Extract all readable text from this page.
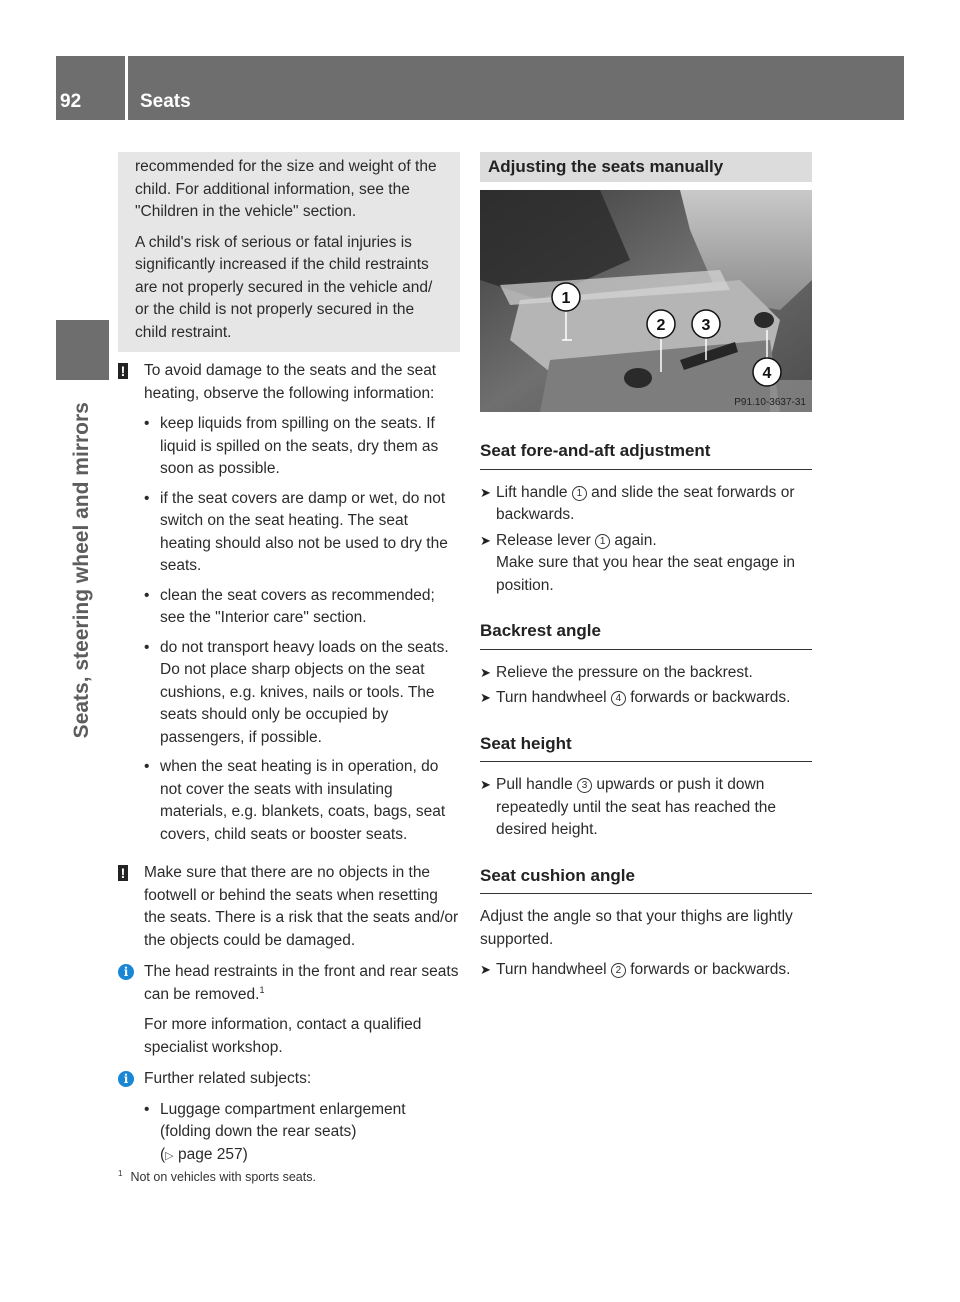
92	Seats
Seats, steering wheel and mirrors

recommended for the size and weight of the child. For additional information, see the "Children in the vehicle" section.

A child's risk of serious or fatal injuries is significantly increased if the child restraints are not properly secured in the vehicle and/ or the child is not properly secured in the child restraint.

!	To avoid damage to the seats and the seat heating, observe the following information:

• keep liquids from spilling on the seats. If liquid is spilled on the seats, dry them as soon as possible.
• if the seat covers are damp or wet, do not switch on the seat heating. The seat heating should also not be used to dry the seats.
• clean the seat covers as recommended; see the "Interior care" section.
• do not transport heavy loads on the seats. Do not place sharp objects on the seat cushions, e.g. knives, nails or tools. The seats should only be occupied by passengers, if possible.
• when the seat heating is in operation, do not cover the seats with insulating materials, e.g. blankets, coats, bags, seat covers, child seats or booster seats.
!	Make sure that there are no objects in the footwell or behind the seats when resetting the seats. There is a risk that the seats and/or the objects could be damaged.

i	The head restraints in the front and rear seats can be removed.$^1$

For more information, contact a qualified specialist workshop.

i	Further related subjects:

• Luggage compartment enlargement
(folding down the rear seats)
(▷ page 257)
Adjusting the seats manually
1
2 3
4
P91.10-3637-31
Seat fore-and-aft adjustment
➤ Lift handle 1 and slide the seat forwards or backwards.

➤ Release lever 1 again.

Make sure that you hear the seat engage in position.

Backrest angle
➤ Relieve the pressure on the backrest.

➤ Turn handwheel 4 forwards or backwards.

Seat height
➤ Pull handle 3 upwards or push it down repeatedly until the seat has reached the desired height.

Seat cushion angle

Adjust the angle so that your thighs are lightly supported.

➤ Turn handwheel 2 forwards or backwards.

$^1$ Not on vehicles with sports seats.
